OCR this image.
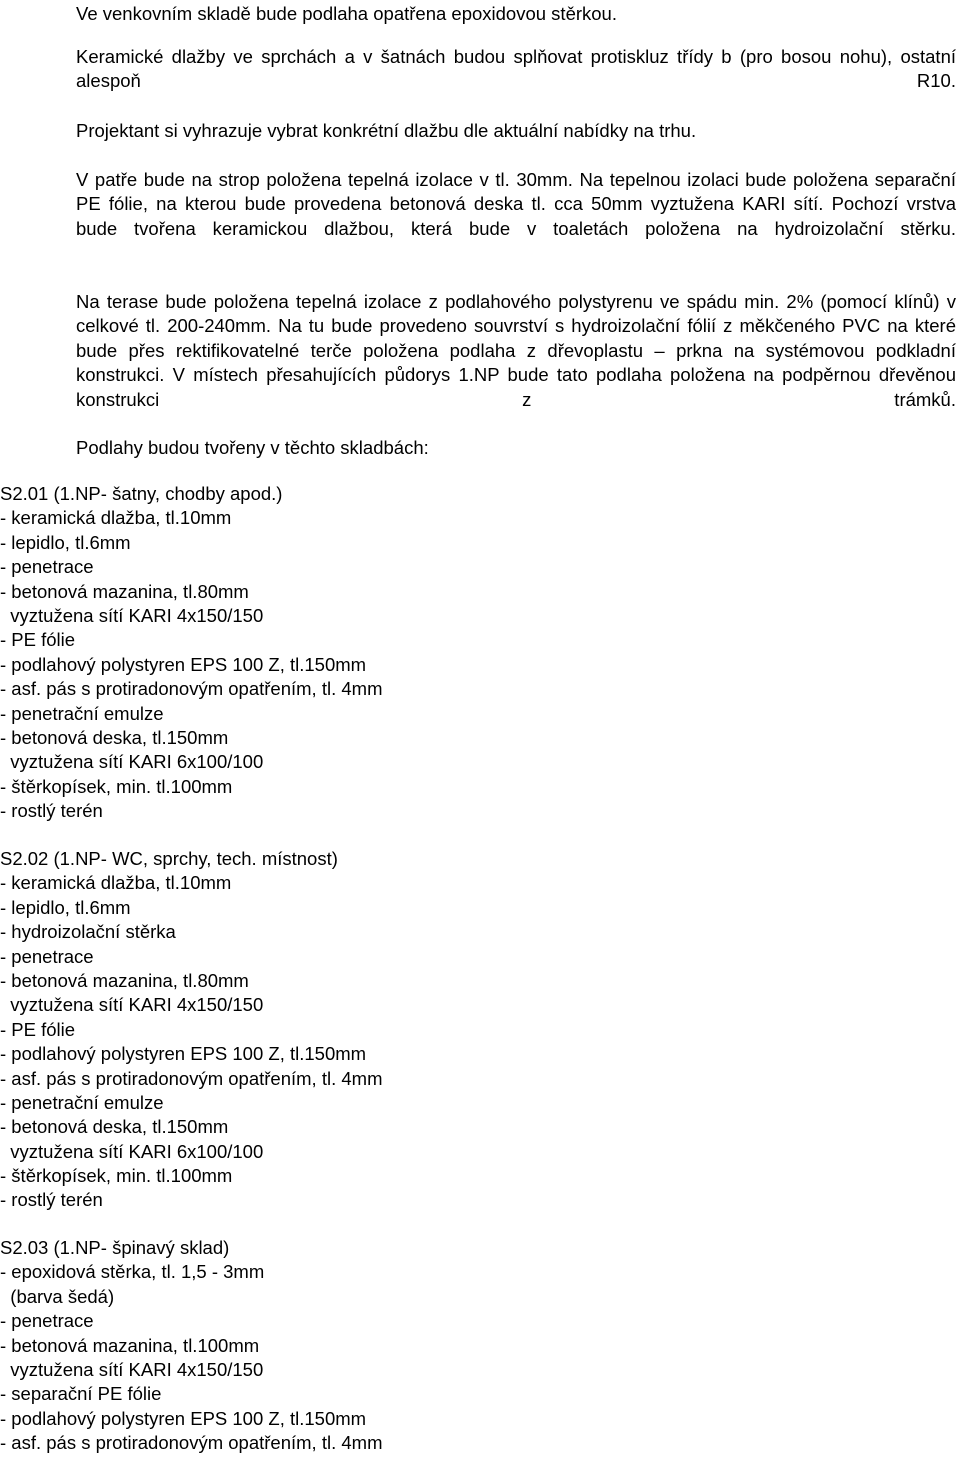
Ve venkovním skladě bude podlaha opatřena epoxidovou stěrkou.

Keramické dlažby ve sprchách a v šatnách budou splňovat protiskluz třídy b (pro bosou nohu), ostatní alespoň R10.

Projektant si vyhrazuje vybrat konkrétní dlažbu dle aktuální nabídky na trhu.

V patře bude na strop položena tepelná izolace v tl. 30mm. Na tepelnou izolaci bude položena separační PE fólie, na kterou bude provedena betonová deska tl. cca 50mm vyztužena KARI sítí. Pochozí vrstva bude tvořena keramickou dlažbou, která bude v toaletách položena na hydroizolační stěrku.

Na terase bude položena tepelná izolace z podlahového polystyrenu ve spádu min. 2% (pomocí klínů) v celkové tl. 200-240mm. Na tu bude provedeno souvrství s hydroizolační fólií z měkčeného PVC na které bude přes rektifikovatelné terče položena podlaha z dřevoplastu – prkna na systémovou podkladní konstrukci. V místech přesahujících půdorys 1.NP bude tato podlaha položena na podpěrnou dřevěnou konstrukci z trámků.

Podlahy budou tvořeny v těchto skladbách:

S2.01 (1.NP- šatny, chodby apod.)
- keramická dlažba, tl.10mm
- lepidlo, tl.6mm
- penetrace
- betonová mazanina, tl.80mm
vyztužena sítí KARI 4x150/150
- PE fólie
- podlahový polystyren EPS 100 Z, tl.150mm
- asf. pás s protiradonovým opatřením, tl. 4mm
- penetrační emulze
- betonová deska, tl.150mm
vyztužena sítí KARI 6x100/100
- štěrkopísek, min. tl.100mm
- rostlý terén
S2.02 (1.NP- WC, sprchy, tech. místnost)
- keramická dlažba, tl.10mm
- lepidlo, tl.6mm
- hydroizolační stěrka
- penetrace
- betonová mazanina, tl.80mm
vyztužena sítí KARI 4x150/150
- PE fólie
- podlahový polystyren EPS 100 Z, tl.150mm
- asf. pás s protiradonovým opatřením, tl. 4mm
- penetrační emulze
- betonová deska, tl.150mm
vyztužena sítí KARI 6x100/100
- štěrkopísek, min. tl.100mm
- rostlý terén
S2.03 (1.NP- špinavý sklad)
- epoxidová stěrka, tl. 1,5 - 3mm
(barva šedá)
- penetrace
- betonová mazanina, tl.100mm
vyztužena sítí KARI 4x150/150
- separační PE fólie
- podlahový polystyren EPS 100 Z, tl.150mm
- asf. pás s protiradonovým opatřením, tl. 4mm
